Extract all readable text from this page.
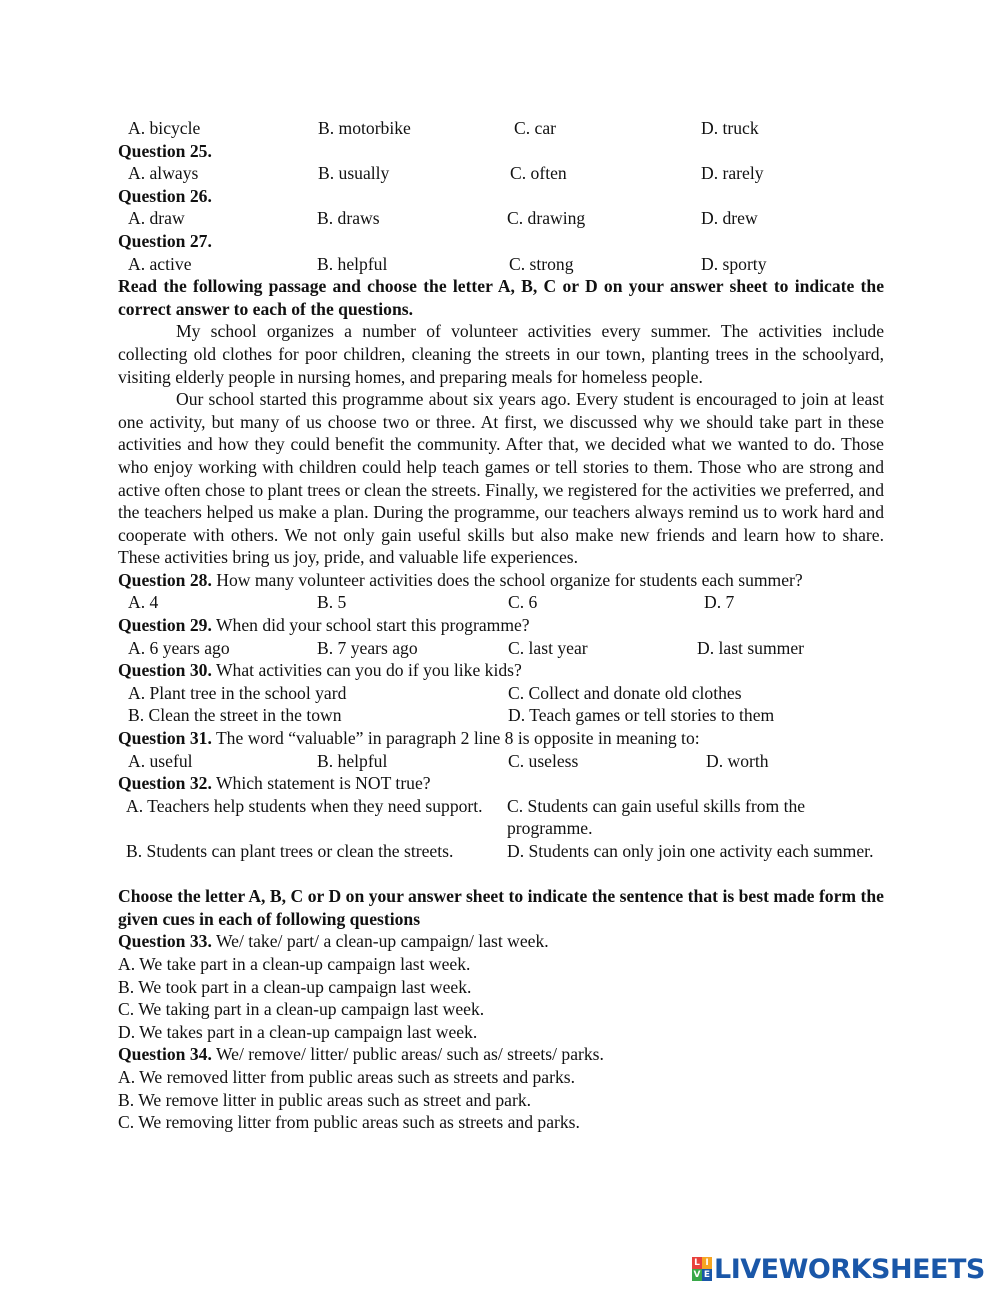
A. bicycle	B. motorbike	C. car	D. truck
Question 25.
A. always	B. usually	C. often	D. rarely
Question 26.
A. draw	B. draws	C. drawing	D. drew
Question 27.
A. active	B. helpful	C. strong	D. sporty
Read the following passage and choose the letter A, B, C or D on your answer sheet to indicate the correct answer to each of the questions.
My school organizes a number of volunteer activities every summer. The activities include collecting old clothes for poor children, cleaning the streets in our town, planting trees in the schoolyard, visiting elderly people in nursing homes, and preparing meals for homeless people.
Our school started this programme about six years ago. Every student is encouraged to join at least one activity, but many of us choose two or three. At first, we discussed why we should take part in these activities and how they could benefit the community. After that, we decided what we wanted to do. Those who enjoy working with children could help teach games or tell stories to them. Those who are strong and active often chose to plant trees or clean the streets. Finally, we registered for the activities we preferred, and the teachers helped us make a plan. During the programme, our teachers always remind us to work hard and cooperate with others. We not only gain useful skills but also make new friends and learn how to share. These activities bring us joy, pride, and valuable life experiences.
Question 28. How many volunteer activities does the school organize for students each summer?
A. 4	B. 5	C. 6	D. 7
Question 29. When did your school start this programme?
A. 6 years ago	B. 7 years ago	C. last year	D. last summer
Question 30. What activities can you do if you like kids?
A. Plant tree in the school yard	C. Collect and donate old clothes
B. Clean the street in the town	D. Teach games or tell stories to them
Question 31. The word “valuable” in paragraph 2 line 8 is opposite in meaning to:
A. useful	B. helpful	C. useless	D. worth
Question 32. Which statement is NOT true?
A. Teachers help students when they need support. C. Students can gain useful skills from the programme.
B. Students can plant trees or clean the streets.	D. Students can only join one activity each summer.
Choose the letter A, B, C or D on your answer sheet to indicate the sentence that is best made form the given cues in each of following questions
Question 33. We/ take/ part/ a clean-up campaign/ last week.
A. We take part in a clean-up campaign last week.
B. We took part in a clean-up campaign last week.
C. We taking part in a clean-up campaign last week.
D. We takes part in a clean-up campaign last week.
Question 34. We/ remove/ litter/ public areas/ such as/ streets/ parks.
A. We removed litter from public areas such as streets and parks.
B. We remove litter in public areas such as street and park.
C. We removing litter from public areas such as streets and parks.
L I
V E LIVEWORKSHEETS
